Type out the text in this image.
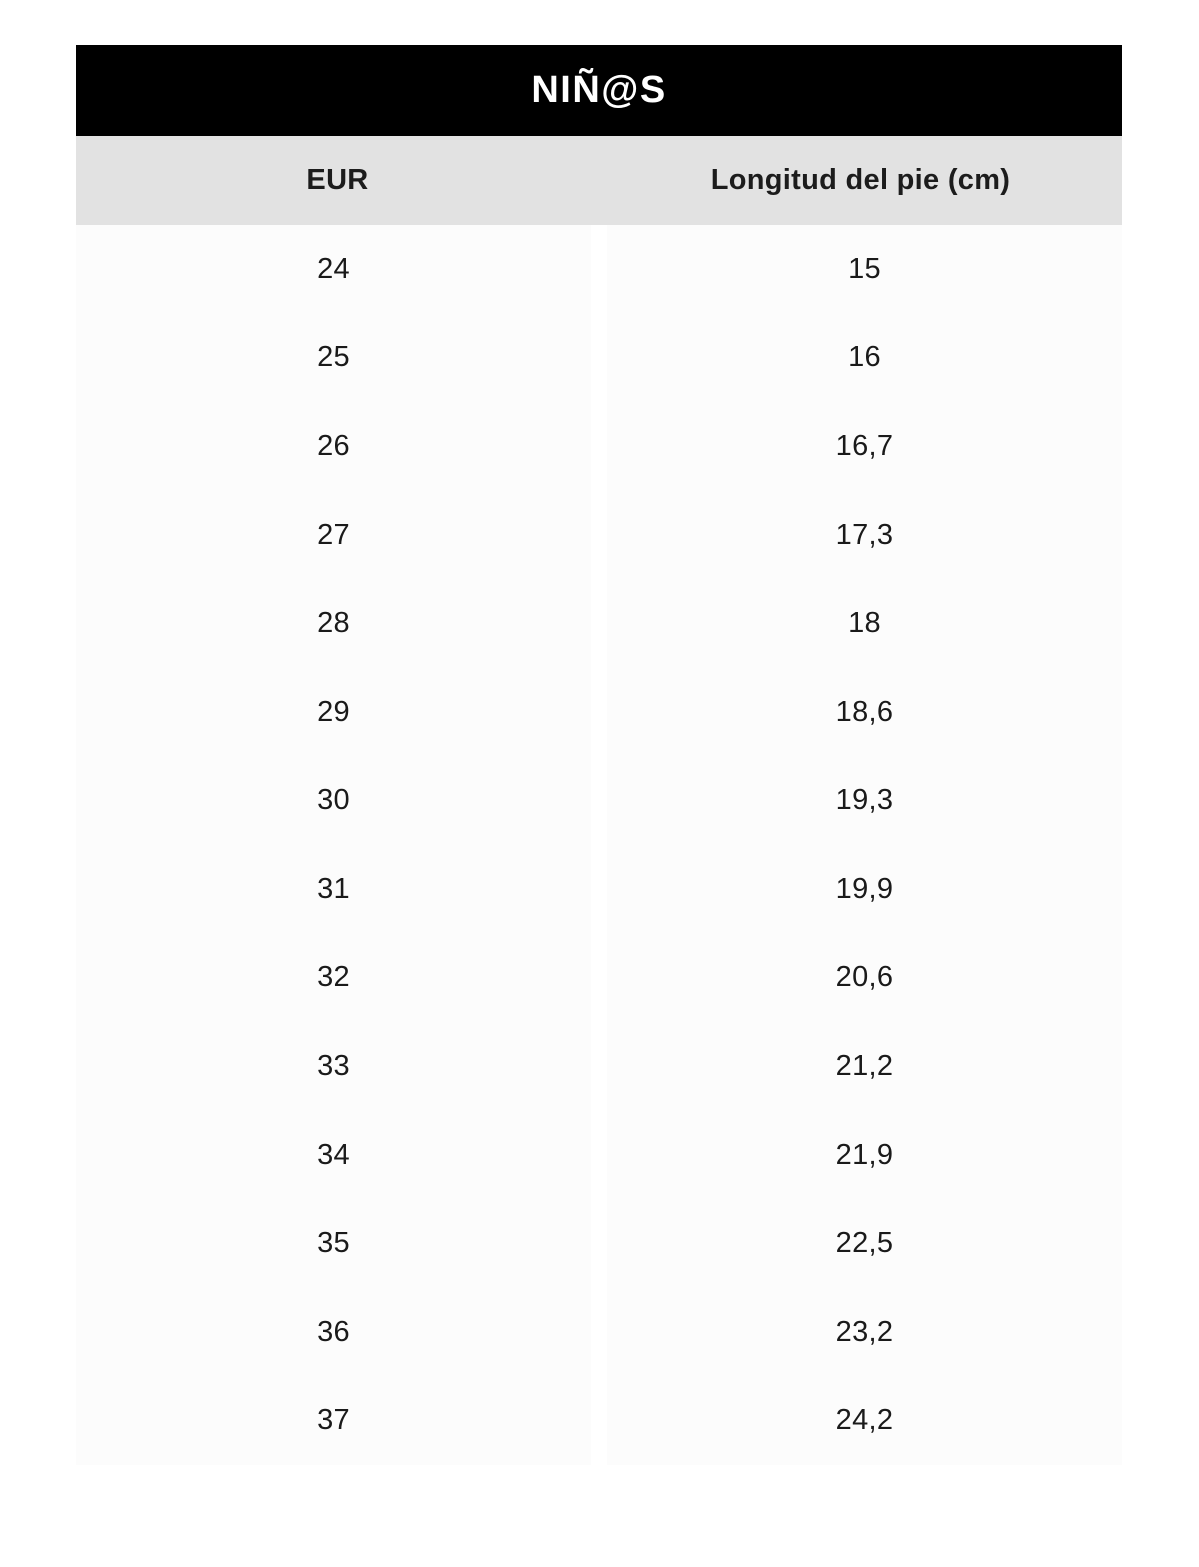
NIÑ@S
EUR	Longitud del pie (cm)
24	15
25	16
26	16,7
27	17,3
28	18
29	18,6
30	19,3
31	19,9
32	20,6
33	21,2
34	21,9
35	22,5
36	23,2
37	24,2
